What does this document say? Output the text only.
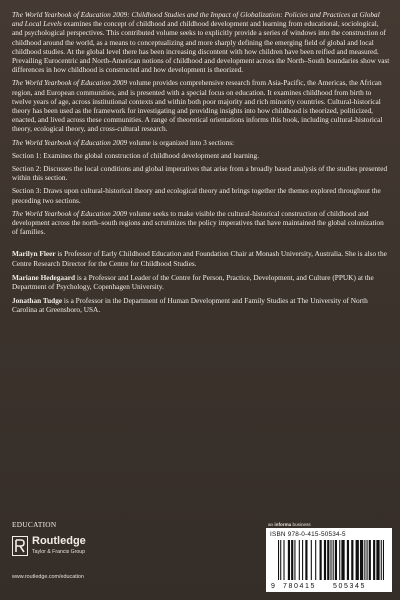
The World Yearbook of Education 2009: Childhood Studies and the Impact of Globalization: Policies and Practices at Global and Local Levels examines the concept of childhood and childhood development and learning from educational, sociological, and psychological perspectives. This contributed volume seeks to explicitly provide a series of windows into the construction of childhood around the world, as a means to conceptualizing and more sharply defining the emerging field of global and local childhood studies. At the global level there has been increasing discontent with how children have been reified and measured. Prevailing Eurocentric and North-American notions of childhood and development across the North–South boundaries show vast differences in how childhood is constructed and how development is theorized.

The World Yearbook of Education 2009 volume provides comprehensive research from Asia-Pacific, the Americas, the African region, and European communities, and is presented with a special focus on education. It examines childhood from birth to twelve years of age, across institutional contexts and within both poor majority and rich minority countries. Cultural-historical theory has been used as the framework for investigating and providing insights into how childhood is theorized, politicized, enacted, and lived across these communities. A range of theoretical orientations informs this book, including cultural-historical theory, ecological theory, and cross-cultural research.

The World Yearbook of Education 2009 volume is organized into 3 sections:

Section 1: Examines the global construction of childhood development and learning.

Section 2: Discusses the local conditions and global imperatives that arise from a broadly based analysis of the studies presented within this section.

Section 3: Draws upon cultural-historical theory and ecological theory and brings together the themes explored throughout the preceding two sections.

The World Yearbook of Education 2009 volume seeks to make visible the cultural-historical construction of childhood and development across the north–south regions and scrutinizes the policy imperatives that have maintained the global colonization of families.

Marilyn Fleer is Professor of Early Childhood Education and Foundation Chair at Monash University, Australia. She is also the Centre Research Director for the Centre for Childhood Studies.

Mariane Hedegaard is a Professor and Leader of the Centre for Person, Practice, Development, and Culture (PPUK) at the Department of Psychology, Copenhagen University.

Jonathan Tudge is a Professor in the Department of Human Development and Family Studies at The University of North Carolina at Greensboro, USA.

EDUCATION
Routledge
Taylor & Francis Group
www.routledge.com/education
an informa business
ISBN 978-0-415-50534-5
9 780415 505345
